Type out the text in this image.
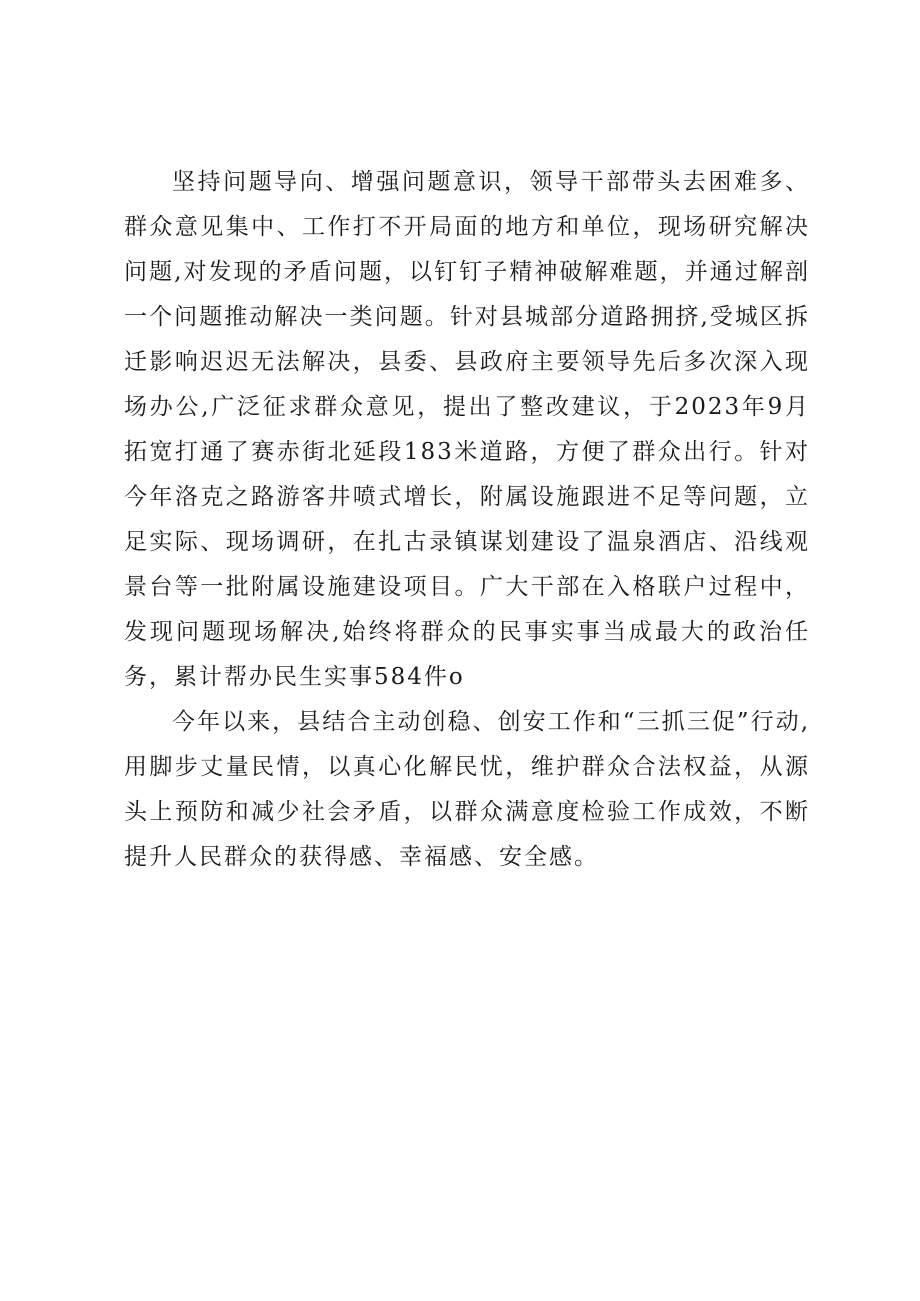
坚持问题导向、增强问题意识，领导干部带头去困难多、群众意见集中、工作打不开局面的地方和单位，现场研究解决问题,对发现的矛盾问题，以钉钉子精神破解难题，并通过解剖一个问题推动解决一类问题。针对县城部分道路拥挤,受城区拆迁影响迟迟无法解决，县委、县政府主要领导先后多次深入现场办公,广泛征求群众意见，提出了整改建议，于2023年9月拓宽打通了赛赤街北延段183米道路，方便了群众出行。针对今年洛克之路游客井喷式增长，附属设施跟进不足等问题，立足实际、现场调研，在扎古录镇谋划建设了温泉酒店、沿线观景台等一批附属设施建设项目。广大干部在入格联户过程中，发现问题现场解决,始终将群众的民事实事当成最大的政治任务，累计帮办民生实事584件o

今年以来，县结合主动创稳、创安工作和“三抓三促”行动,用脚步丈量民情，以真心化解民忧，维护群众合法权益，从源头上预防和减少社会矛盾，以群众满意度检验工作成效，不断提升人民群众的获得感、幸福感、安全感。
